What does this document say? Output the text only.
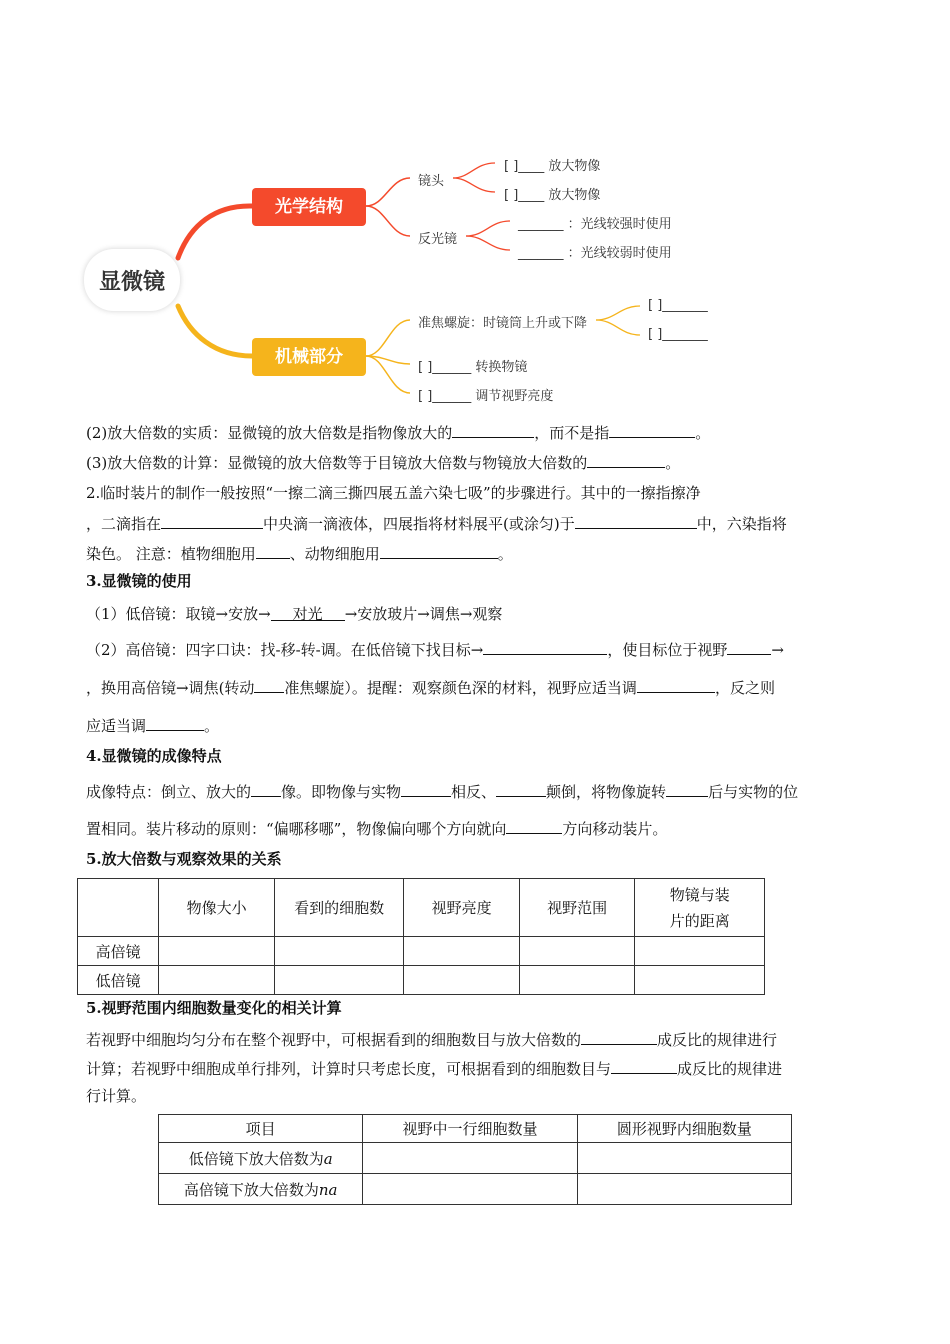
显微镜
光学结构
机械部分
镜头
[ ]____ 放大物像
[ ]____ 放大物像
反光镜
_______ ：光线较强时使用
_______ ：光线较弱时使用
准焦螺旋：时镜筒上升或下降
[ ]_______
[ ]_______
[ ]______ 转换物镜
[ ]______ 调节视野亮度
(2)放大倍数的实质：显微镜的放大倍数是指物像放大的	，而不是指	。
(3)放大倍数的计算：显微镜的放大倍数等于目镜放大倍数与物镜放大倍数的	。
2.临时装片的制作一般按照“一擦二滴三撕四展五盖六染七吸”的步骤进行。其中的一擦指擦净
，二滴指在	中央滴一滴液体，四展指将材料展平(或涂匀)于	中，六染指将
染色。 注意：植物细胞用 、动物细胞用	。
3.显微镜的使用
（1）低倍镜：取镜→安放→ 对光 →安放玻片→调焦→观察
（2）高倍镜：四字口诀：找-移-转-调。在低倍镜下找目标→	，使目标位于视野	→
，换用高倍镜→调焦(转动 准焦螺旋）。提醒：观察颜色深的材料，视野应适当调	，反之则
应适当调	。
4.显微镜的成像特点
成像特点：倒立、放大的 像。即物像与实物	相反、	颠倒，将物像旋转	后与实物的位
置相同。装片移动的原则：“偏哪移哪”，物像偏向哪个方向就向	方向移动装片。
5.放大倍数与观察效果的关系
	物像大小	看到的细胞数	视野亮度	视野范围	物镜与装
片的距离

高倍镜					
低倍镜					
5.视野范围内细胞数量变化的相关计算
若视野中细胞均匀分布在整个视野中，可根据看到的细胞数目与放大倍数的	成反比的规律进行
计算；若视野中细胞成单行排列，计算时只考虑长度，可根据看到的细胞数目与	成反比的规律进
行计算。
项目	视野中一行细胞数量	圆形视野内细胞数量
低倍镜下放大倍数为a		
高倍镜下放大倍数为na		
